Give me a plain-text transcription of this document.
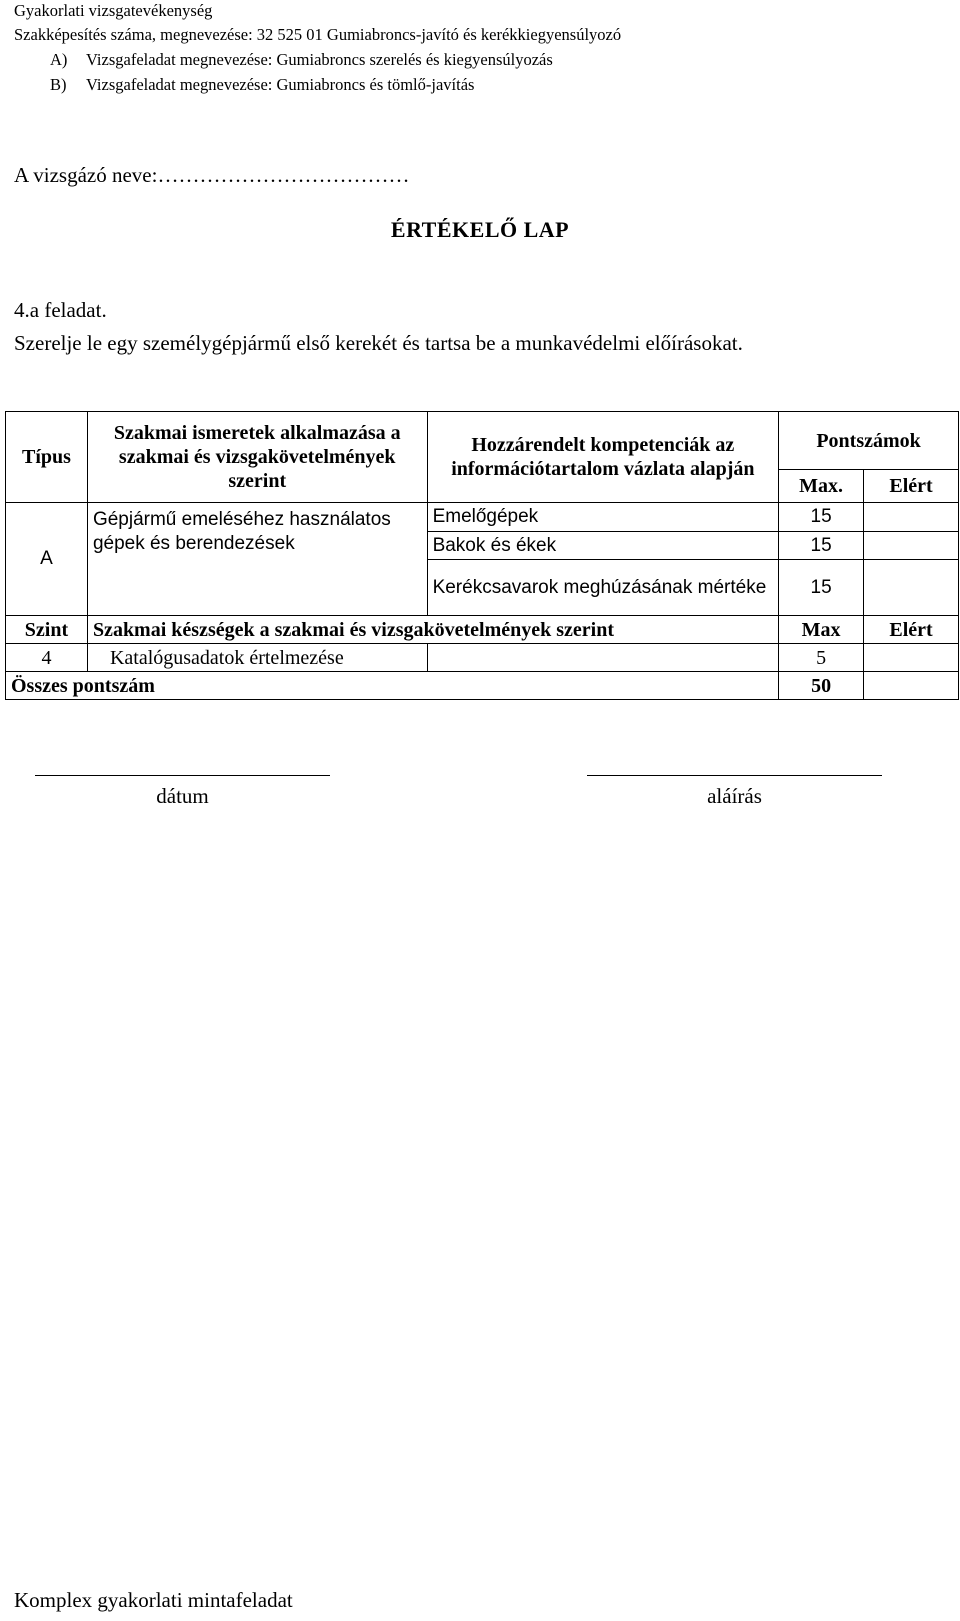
Gyakorlati vizsgatevékenység
Szakképesítés száma, megnevezése: 32 525 01 Gumiabroncs-javító és kerékkiegyensúlyozó
A) Vizsgafeladat megnevezése: Gumiabroncs szerelés és kiegyensúlyozás
B) Vizsgafeladat megnevezése: Gumiabroncs és tömlő-javítás
A vizsgázó neve:………………………………
ÉRTÉKELŐ LAP
4.a feladat.
Szerelje le egy személygépjármű első kerekét és tartsa be a munkavédelmi előírásokat.
Típus	Szakmai ismeretek alkalmazása a szakmai és vizsgakövetelmények szerint	Hozzárendelt kompetenciák az információtartalom vázlata alapján	Pontszámok	
			Max.	Elért
A	Gépjármű emeléséhez használatos gépek és berendezések	Emelőgépek	15	
		Bakok és ékek	15	
		Kerékcsavarok meghúzásának mértéke	15	
Szint	Szakmai készségek a szakmai és vizsgakövetelmények szerint		Max	Elért
4	Katalógusadatok értelmezése		5	
Összes pontszám			50	
dátum	aláírás
Komplex gyakorlati mintafeladat
